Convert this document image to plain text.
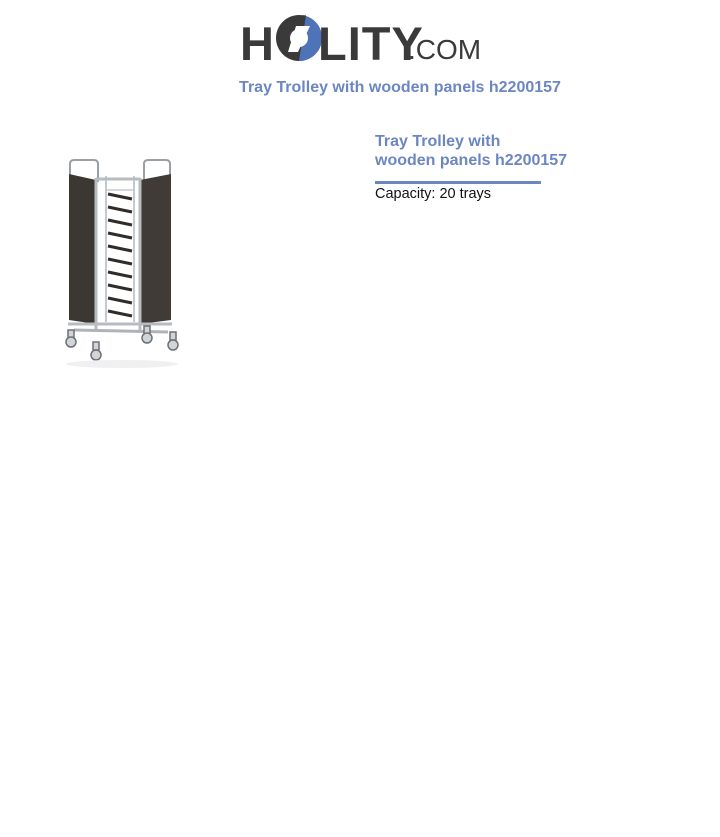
H LITY
.COM
Tray Trolley with wooden panels h2200157
Tray Trolley with
wooden panels h2200157
Capacity: 20 trays
